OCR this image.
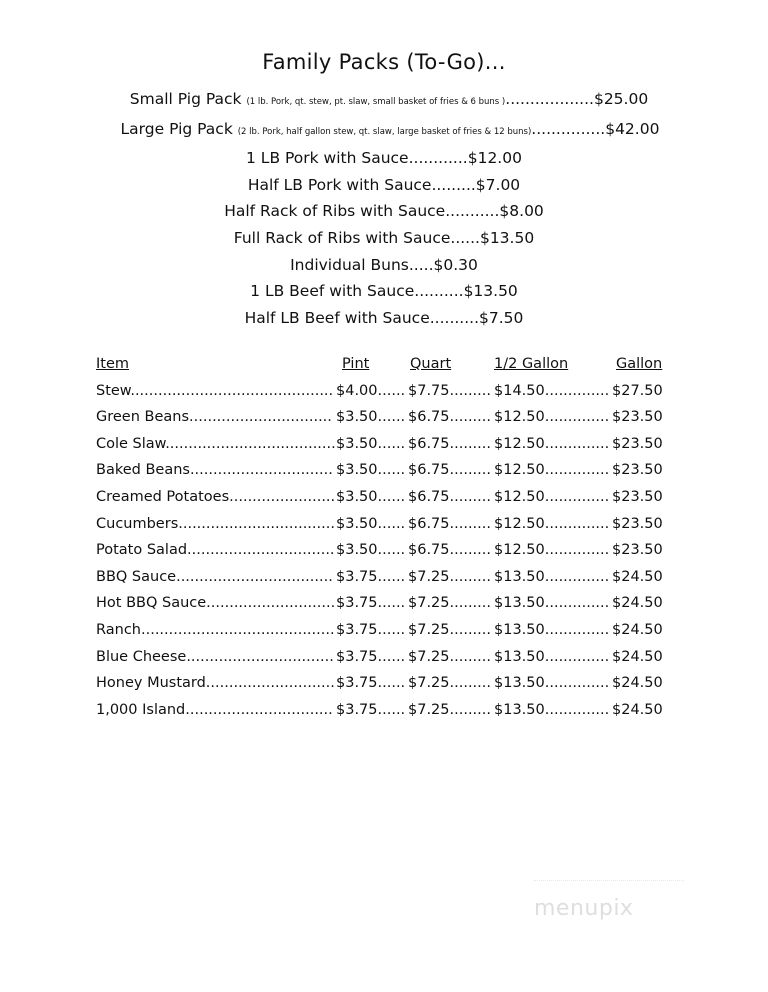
Family Packs (To-Go)...
Small Pig Pack (1 lb. Pork, qt. stew, pt. slaw, small basket of fries & 6 buns )..................$25.00
Large Pig Pack (2 lb. Pork, half gallon stew, qt. slaw, large basket of fries & 12 buns)...............$42.00
1 LB Pork with Sauce............$12.00
Half LB Pork with Sauce.........$7.00
Half Rack of Ribs with Sauce...........$8.00
Full Rack of Ribs with Sauce......$13.50
Individual Buns.....$0.30
1 LB Beef with Sauce..........$13.50
Half LB Beef with Sauce..........$7.50
Item	Pint	Quart	1/2 Gallon	Gallon
Stew............................................ $4.00...... $7.75......... $14.50.............. $27.50
Green Beans............................... $3.50...... $6.75......... $12.50.............. $23.50
Cole Slaw..................................... $3.50...... $6.75......... $12.50.............. $23.50
Baked Beans............................... $3.50...... $6.75......... $12.50.............. $23.50
Creamed Potatoes....................... $3.50...... $6.75......... $12.50.............. $23.50
Cucumbers.................................. $3.50...... $6.75......... $12.50.............. $23.50
Potato Salad................................ $3.50...... $6.75......... $12.50.............. $23.50
BBQ Sauce.................................. $3.75...... $7.25......... $13.50.............. $24.50
Hot BBQ Sauce............................ $3.75...... $7.25......... $13.50.............. $24.50
Ranch.......................................... $3.75...... $7.25......... $13.50.............. $24.50
Blue Cheese................................ $3.75...... $7.25......... $13.50.............. $24.50
Honey Mustard............................ $3.75...... $7.25......... $13.50.............. $24.50
1,000 Island................................ $3.75...... $7.25......... $13.50.............. $24.50
menupix
